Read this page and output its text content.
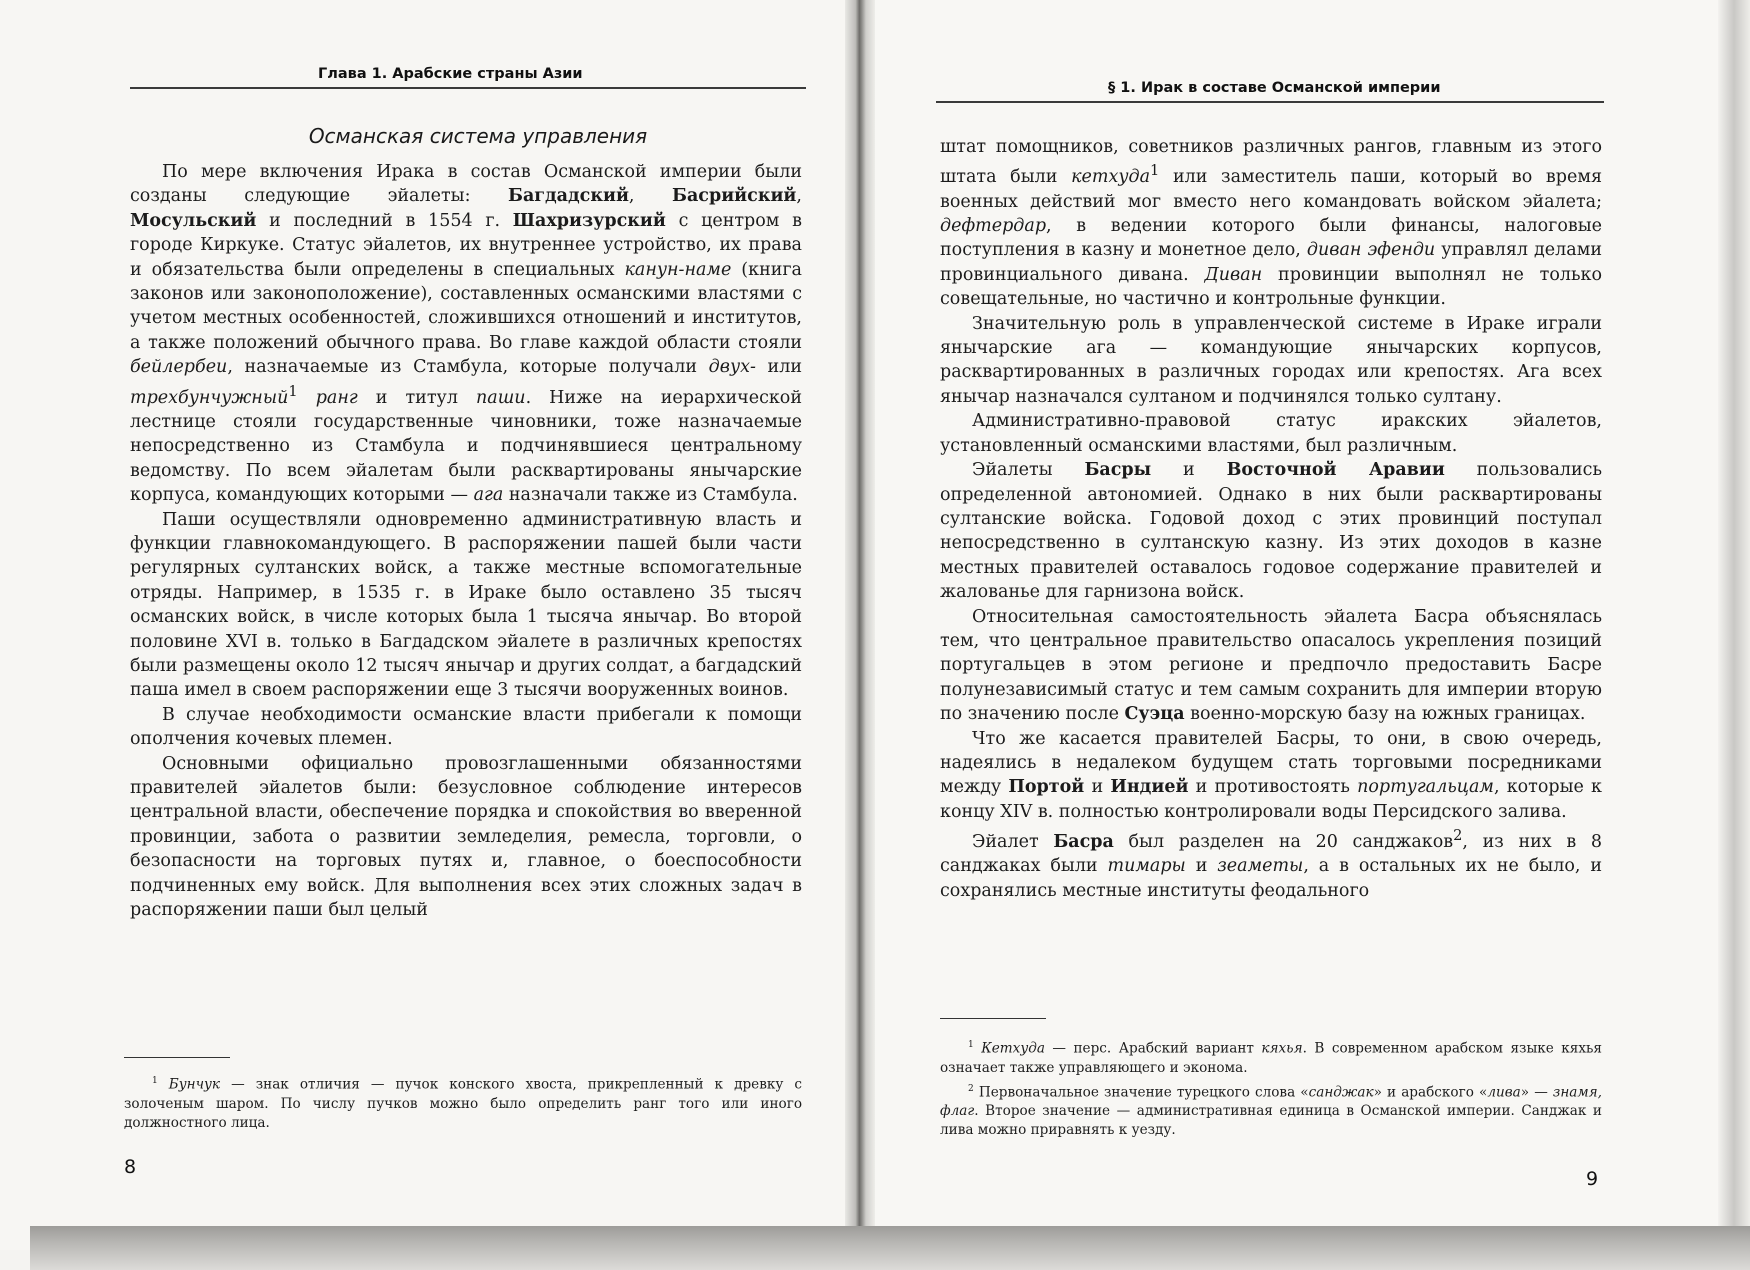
Глава 1. Арабские страны Азии
Османская система управления

По мере включения Ирака в состав Османской империи были созданы следующие эйалеты: Багдадский, Басрийский, Мосульский и последний в 1554 г. Шахризурский с центром в городе Киркуке. Статус эйалетов, их внутреннее устройство, их права и обязательства были определены в специальных канун-наме (книга законов или законоположение), составленных османскими властями с учетом местных особенностей, сложившихся отношений и институтов, а также положений обычного права. Во главе каждой области стояли бейлербеи, назначаемые из Стамбула, которые получали двух- или трехбунчужный$^1$ ранг и титул паши. Ниже на иерархической лестнице стояли государственные чиновники, тоже назначаемые непосредственно из Стамбула и подчинявшиеся центральному ведомству. По всем эйалетам были расквартированы янычарские корпуса, командующих которыми — ага назначали также из Стамбула.

Паши осуществляли одновременно административную власть и функции главнокомандующего. В распоряжении пашей были части регулярных султанских войск, а также местные вспомогательные отряды. Например, в 1535 г. в Ираке было оставлено 35 тысяч османских войск, в числе которых была 1 тысяча янычар. Во второй половине XVI в. только в Багдадском эйалете в различных крепостях были размещены около 12 тысяч янычар и других солдат, а багдадский паша имел в своем распоряжении еще 3 тысячи вооруженных воинов.

В случае необходимости османские власти прибегали к помощи ополчения кочевых племен.

Основными официально провозглашенными обязанностями правителей эйалетов были: безусловное соблюдение интересов центральной власти, обеспечение порядка и спокойствия во вверенной провинции, забота о развитии земледелия, ремесла, торговли, о безопасности на торговых путях и, главное, о боеспособности подчиненных ему войск. Для выполнения всех этих сложных задач в распоряжении паши был целый

$^1$ Бунчук — знак отличия — пучок конского хвоста, прикрепленный к древку с золоченым шаром. По числу пучков можно было определить ранг того или иного должностного лица.

8
§ 1. Ирак в составе Османской империи

штат помощников, советников различных рангов, главным из этого штата были кетхуда$^1$ или заместитель паши, который во время военных действий мог вместо него командовать войском эйалета; дефтердар, в ведении которого были финансы, налоговые поступления в казну и монетное дело, диван эфенди управлял делами провинциального дивана. Диван провинции выполнял не только совещательные, но частично и контрольные функции.

Значительную роль в управленческой системе в Ираке играли янычарские ага — командующие янычарских корпусов, расквартированных в различных городах или крепостях. Ага всех янычар назначался султаном и подчинялся только султану.

Административно-правовой статус иракских эйалетов, установленный османскими властями, был различным.

Эйалеты Басры и Восточной Аравии пользовались определенной автономией. Однако в них были расквартированы султанские войска. Годовой доход с этих провинций поступал непосредственно в султанскую казну. Из этих доходов в казне местных правителей оставалось годовое содержание правителей и жалованье для гарнизона войск.

Относительная самостоятельность эйалета Басра объяснялась тем, что центральное правительство опасалось укрепления позиций португальцев в этом регионе и предпочло предоставить Басре полунезависимый статус и тем самым сохранить для империи вторую по значению после Суэца военно-морскую базу на южных границах.

Что же касается правителей Басры, то они, в свою очередь, надеялись в недалеком будущем стать торговыми посредниками между Портой и Индией и противостоять португальцам, которые к концу XIV в. полностью контролировали воды Персидского залива.

Эйалет Басра был разделен на 20 санджаков$^2$, из них в 8 санджаках были тимары и зеаметы, а в остальных их не было, и сохранялись местные институты феодального

$^1$ Кетхуда — перс. Арабский вариант кяхья. В современном арабском языке кяхья означает также управляющего и эконома.

$^2$ Первоначальное значение турецкого слова «санджак» и арабского «лива» — знамя, флаг. Второе значение — административная единица в Османской империи. Санджак и лива можно приравнять к уезду.

9
